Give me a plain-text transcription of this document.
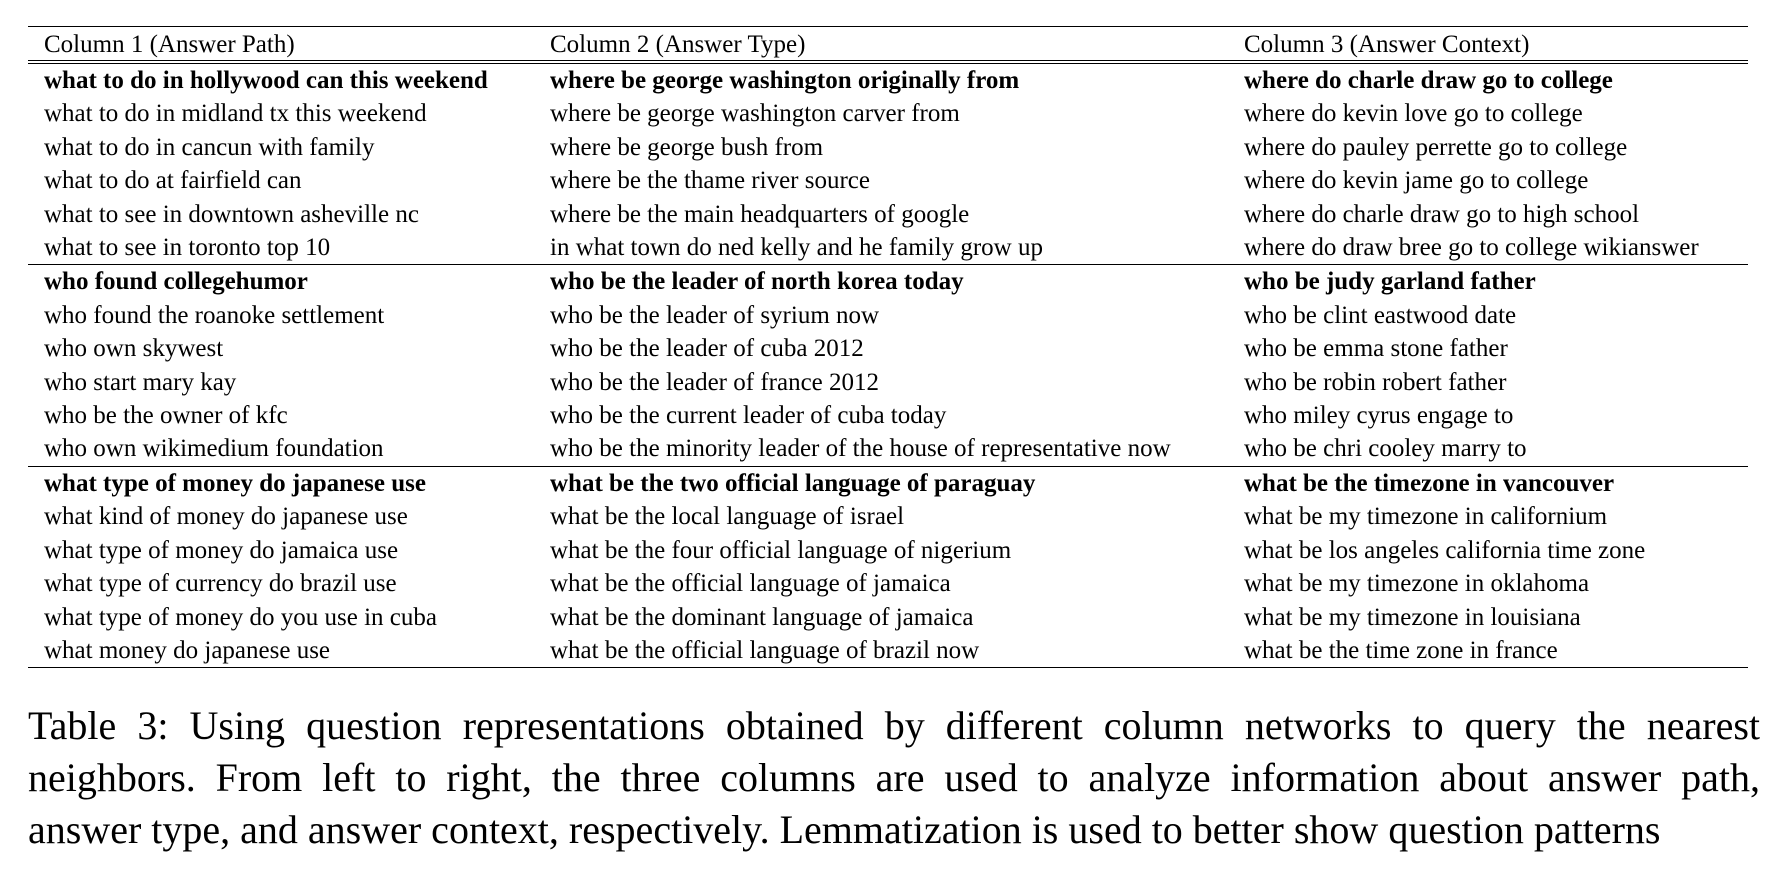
Column 1 (Answer Path)	Column 2 (Answer Type)	Column 3 (Answer Context)
what to do in hollywood can this weekend	where be george washington originally from	where do charle draw go to college
what to do in midland tx this weekend	where be george washington carver from	where do kevin love go to college
what to do in cancun with family	where be george bush from	where do pauley perrette go to college
what to do at fairfield can	where be the thame river source	where do kevin jame go to college
what to see in downtown asheville nc	where be the main headquarters of google	where do charle draw go to high school
what to see in toronto top 10	in what town do ned kelly and he family grow up	where do draw bree go to college wikianswer
who found collegehumor	who be the leader of north korea today	who be judy garland father
who found the roanoke settlement	who be the leader of syrium now	who be clint eastwood date
who own skywest	who be the leader of cuba 2012	who be emma stone father
who start mary kay	who be the leader of france 2012	who be robin robert father
who be the owner of kfc	who be the current leader of cuba today	who miley cyrus engage to
who own wikimedium foundation	who be the minority leader of the house of representative now	who be chri cooley marry to
what type of money do japanese use	what be the two official language of paraguay	what be the timezone in vancouver
what kind of money do japanese use	what be the local language of israel	what be my timezone in californium
what type of money do jamaica use	what be the four official language of nigerium	what be los angeles california time zone
what type of currency do brazil use	what be the official language of jamaica	what be my timezone in oklahoma
what type of money do you use in cuba	what be the dominant language of jamaica	what be my timezone in louisiana
what money do japanese use	what be the official language of brazil now	what be the time zone in france
Table 3: Using question representations obtained by different column networks to query the nearest
neighbors. From left to right, the three columns are used to analyze information about answer path,
answer type, and answer context, respectively. Lemmatization is used to better show question patterns
